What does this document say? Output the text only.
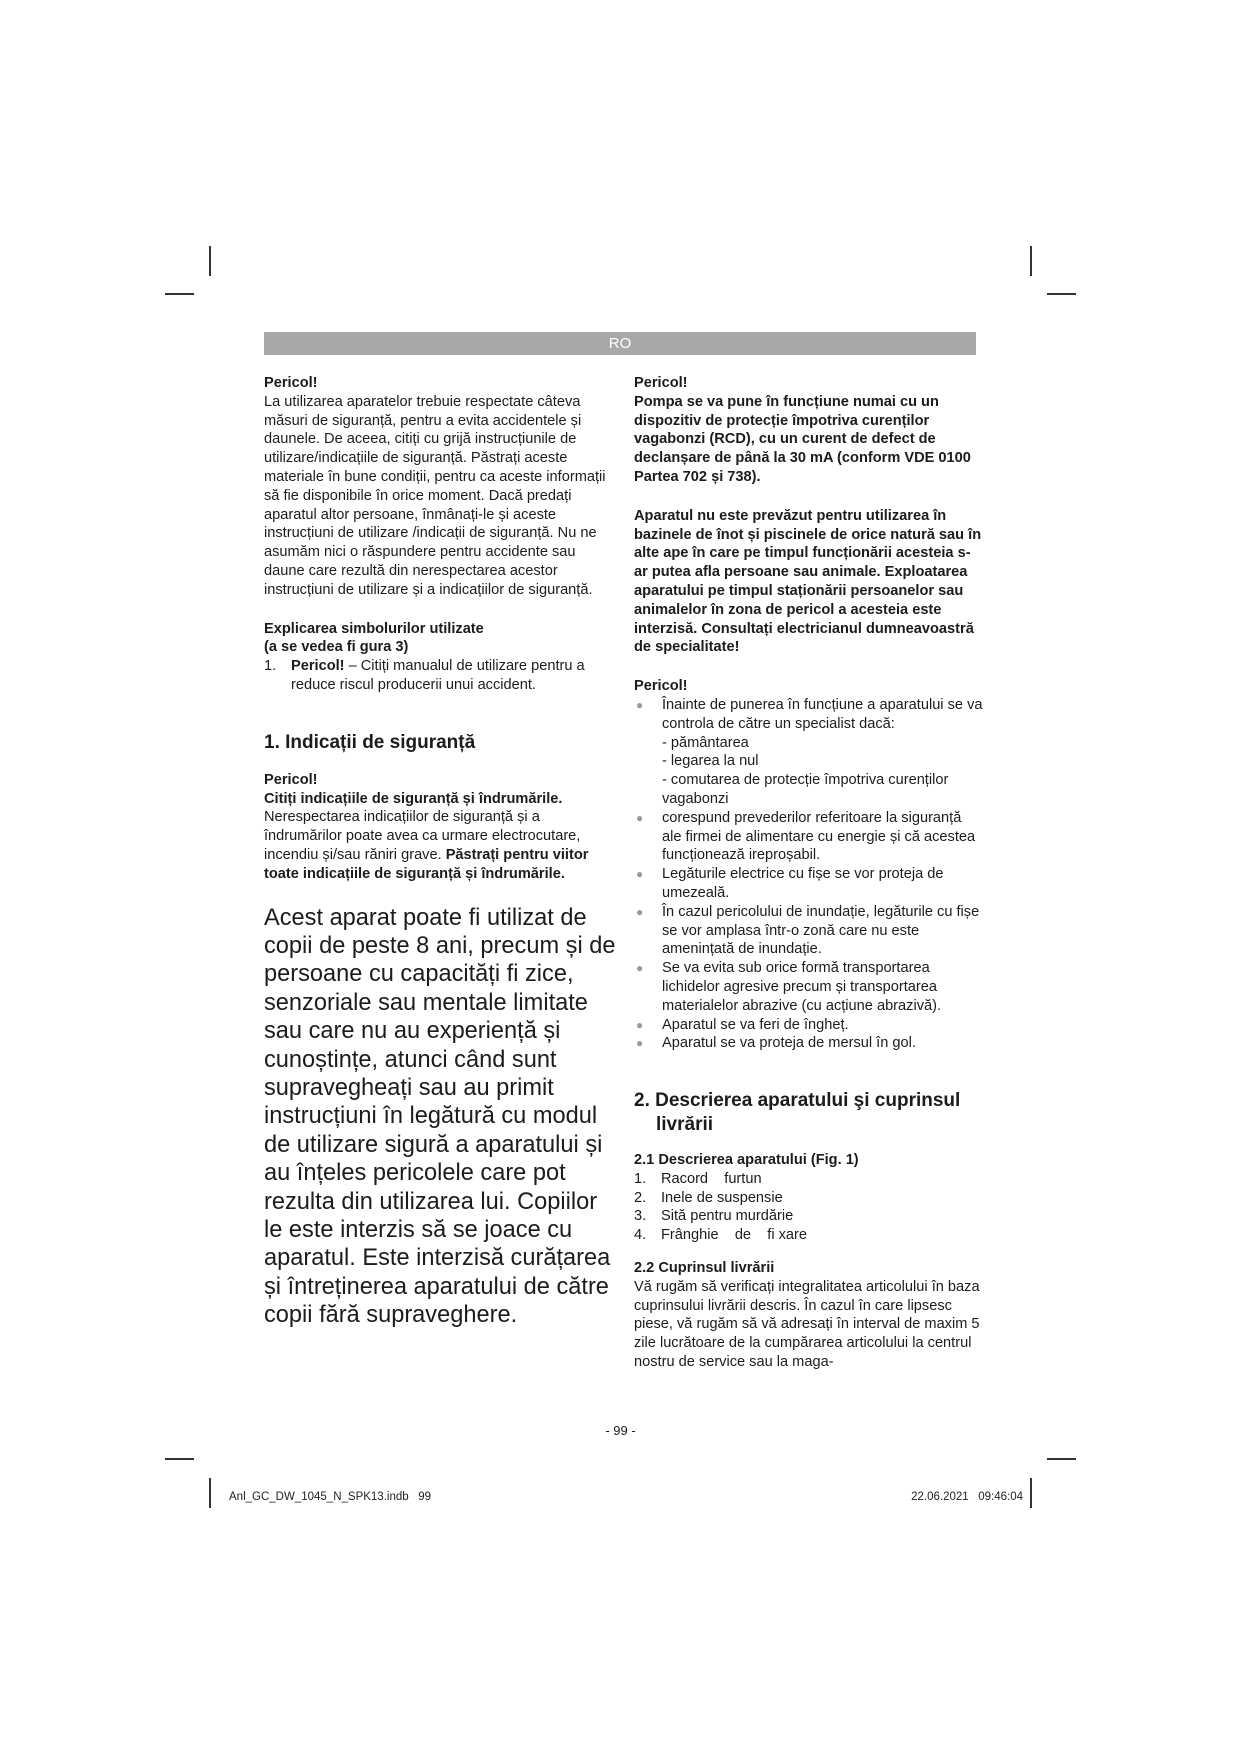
RO

Pericol!

La utilizarea aparatelor trebuie respectate câteva măsuri de siguranță, pentru a evita accidentele și daunele. De aceea, citiți cu grijă instrucțiunile de utilizare/indicațiile de siguranță. Păstrați aceste materiale în bune condiții, pentru ca aceste informații să fie disponibile în orice moment. Dacă predați aparatul altor persoane, înmânați-le și aceste instrucțiuni de utilizare /indicații de siguranță. Nu ne asumăm nici o răspundere pentru accidente sau daune care rezultă din nerespectarea acestor instrucțiuni de utilizare și a indicațiilor de siguranță.

Explicarea simbolurilor utilizate

(a se vedea fi gura 3)

1.	Pericol! – Citiți manualul de utilizare pentru a reduce riscul producerii unui accident.

1. Indicații de siguranță

Pericol!

Citiți indicațiile de siguranță și îndrumările. Nerespectarea indicațiilor de siguranță și a îndrumărilor poate avea ca urmare electrocutare, incendiu și/sau răniri grave. Păstrați pentru viitor toate indicațiile de siguranță și îndrumările.

Acest aparat poate fi utilizat de copii de peste 8 ani, precum și de persoane cu capacități fi zice, senzoriale sau mentale limitate sau care nu au experiență și cunoștințe, atunci când sunt supravegheați sau au primit instrucțiuni în legătură cu modul de utilizare sigură a aparatului și au înțeles pericolele care pot rezulta din utilizarea lui. Copiilor le este interzis să se joace cu aparatul. Este interzisă curățarea și întreținerea aparatului de către copii fără supraveghere.

Pericol!

Pompa se va pune în funcțiune numai cu un dispozitiv de protecție împotriva curenților vagabonzi (RCD), cu un curent de defect de declanșare de până la 30 mA (conform VDE 0100 Partea 702 și 738).

Aparatul nu este prevăzut pentru utilizarea în bazinele de înot și piscinele de orice natură sau în alte ape în care pe timpul funcționării acesteia s-ar putea afla persoane sau animale. Exploatarea aparatului pe timpul staționării persoanelor sau animalelor în zona de pericol a acesteia este interzisă. Consultați electricianul dumneavoastră de specialitate!

Pericol!

●	Înainte de punerea în funcțiune a aparatului se va controla de către un specialist dacă:

- pământarea

- legarea la nul

- comutarea de protecție împotriva curenților vagabonzi

●	corespund prevederilor referitoare la siguranță ale firmei de alimentare cu energie și că acestea funcționează ireproșabil.
●	Legăturile electrice cu fișe se vor proteja de umezeală.
●	În cazul pericolului de inundație, legăturile cu fișe se vor amplasa într-o zonă care nu este amenințată de inundație.
●	Se va evita sub orice formă transportarea lichidelor agresive precum și transportarea materialelor abrazive (cu acțiune abrazivă).
●	Aparatul se va feri de îngheț.
●	Aparatul se va proteja de mersul în gol.

2. Descrierea aparatului şi cuprinsul livrării

2.1 Descrierea aparatului (Fig. 1)

1.	Racord    furtun
2.	Inele de suspensie
3.	Sită pentru murdărie
4.	Frânghie    de    fi xare

2.2 Cuprinsul livrării

Vă rugăm să verificați integralitatea articolului în baza cuprinsului livrării descris. În cazul în care lipsesc piese, vă rugăm să vă adresați în interval de maxim 5 zile lucrătoare de la cumpărarea articolului la centrul nostru de service sau la maga-

- 99 -
Anl_GC_DW_1045_N_SPK13.indb   99	22.06.2021   09:46:04
